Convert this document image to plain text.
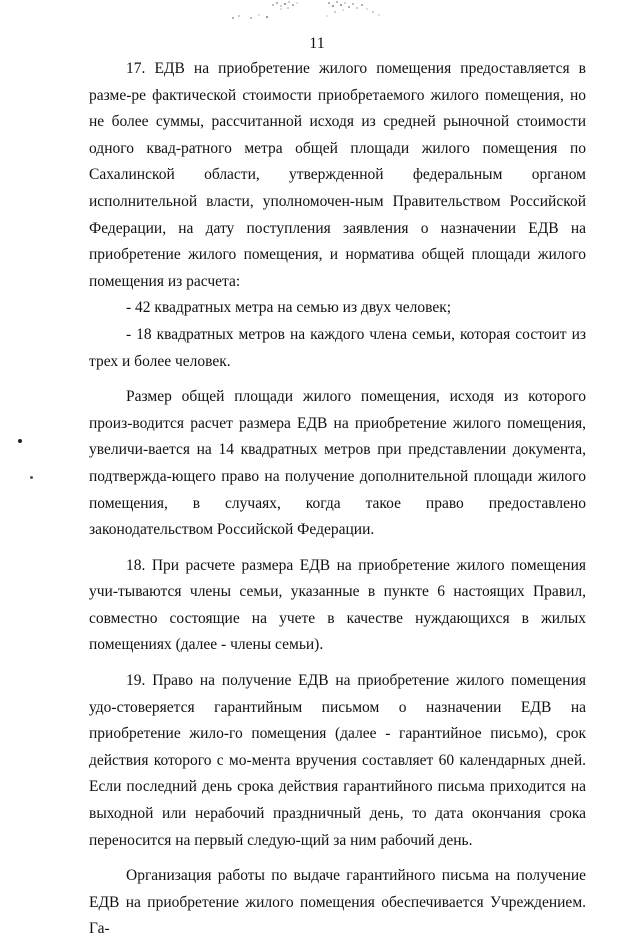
11

17. ЕДВ на приобретение жилого помещения предоставляется в разме-ре фактической стоимости приобретаемого жилого помещения, но не более суммы, рассчитанной исходя из средней рыночной стоимости одного квад-ратного метра общей площади жилого помещения по Сахалинской области, утвержденной федеральным органом исполнительной власти, уполномочен-ным Правительством Российской Федерации, на дату поступления заявления о назначении ЕДВ на приобретение жилого помещения, и норматива общей площади жилого помещения из расчета:

- 42 квадратных метра на семью из двух человек;

- 18 квадратных метров на каждого члена семьи, которая состоит из трех и более человек.

Размер общей площади жилого помещения, исходя из которого произ-водится расчет размера ЕДВ на приобретение жилого помещения, увеличи-вается на 14 квадратных метров при представлении документа, подтвержда-ющего право на получение дополнительной площади жилого помещения, в случаях, когда такое право предоставлено законодательством Российской Федерации.

18. При расчете размера ЕДВ на приобретение жилого помещения учи-тываются члены семьи, указанные в пункте 6 настоящих Правил, совместно состоящие на учете в качестве нуждающихся в жилых помещениях (далее - члены семьи).

19. Право на получение ЕДВ на приобретение жилого помещения удо-стоверяется гарантийным письмом о назначении ЕДВ на приобретение жило-го помещения (далее - гарантийное письмо), срок действия которого с мо-мента вручения составляет 60 календарных дней. Если последний день срока действия гарантийного письма приходится на выходной или нерабочий праздничный день, то дата окончания срока переносится на первый следую-щий за ним рабочий день.

Организация работы по выдаче гарантийного письма на получение ЕДВ на приобретение жилого помещения обеспечивается Учреждением. Га-
